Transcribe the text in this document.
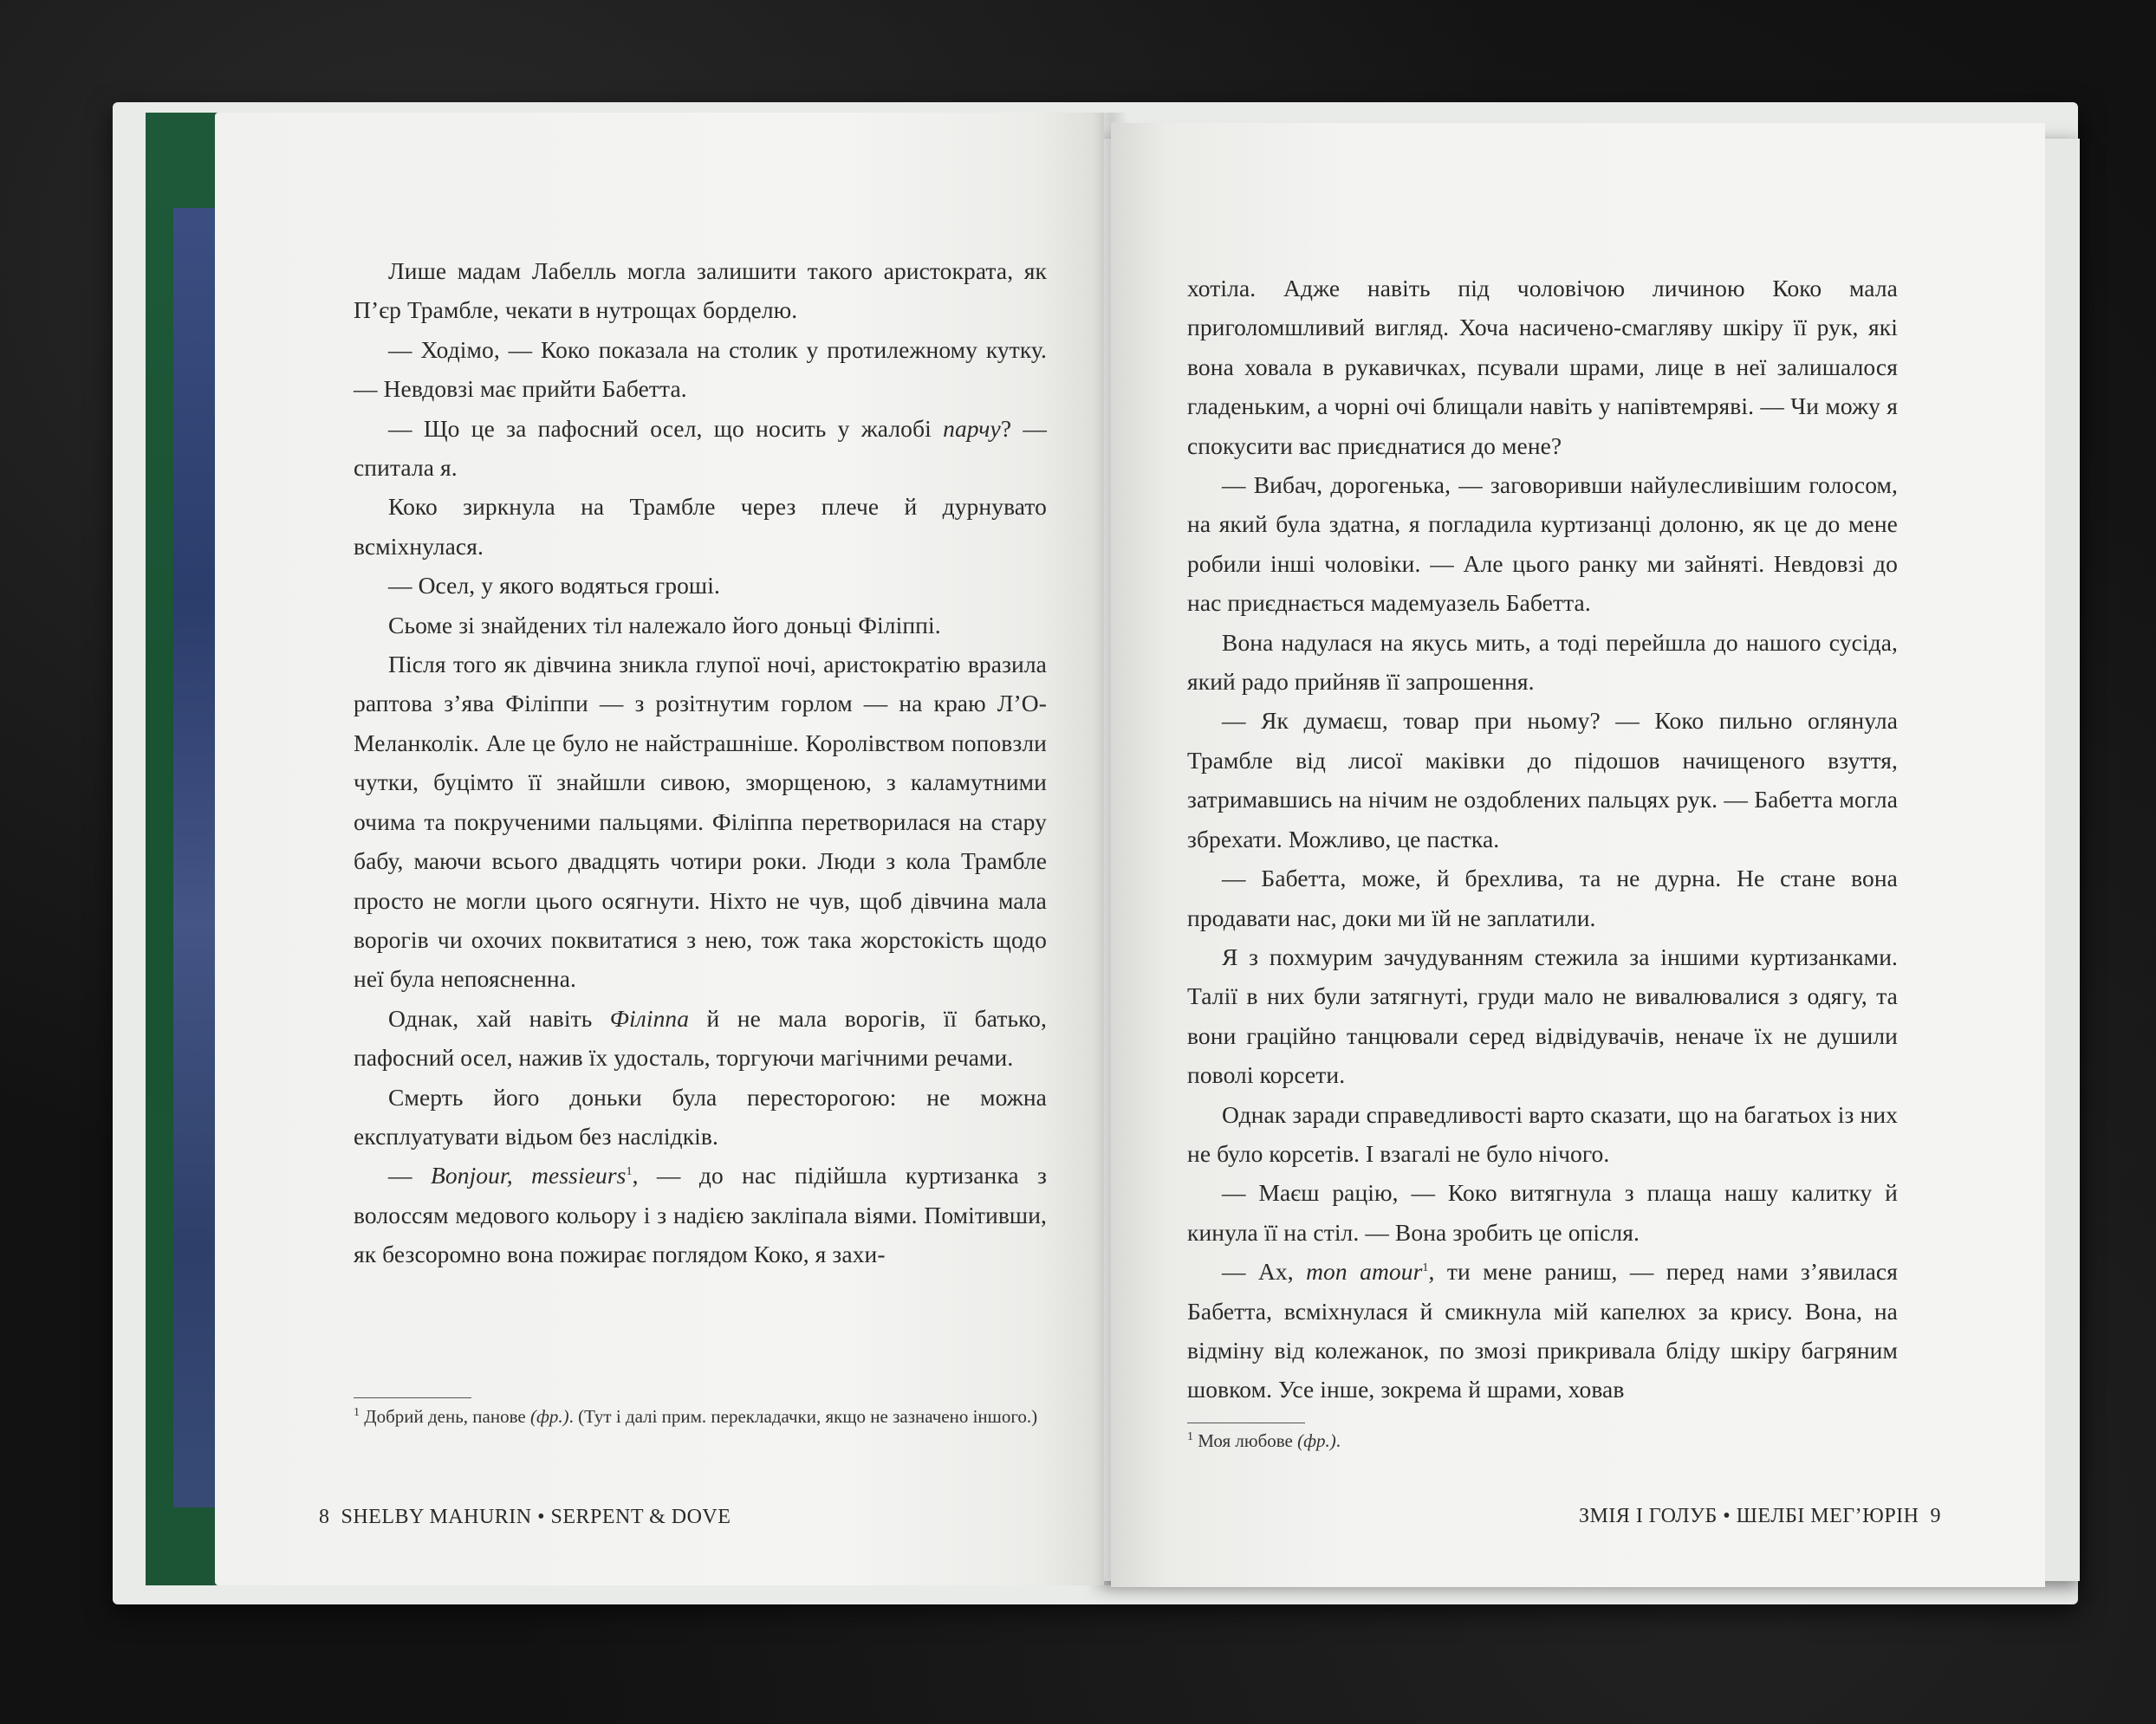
Лише мадам Лабелль могла залишити такого аристократа, як П’єр Трамбле, чекати в нутрощах борделю.

— Ходімо, — Коко показала на столик у протилежному кутку. — Невдовзі має прийти Бабетта.

— Що це за пафосний осел, що носить у жалобі парчу? — спитала я.

Коко зиркнула на Трамбле через плече й дурнувато всміхнулася.

— Осел, у якого водяться гроші.

Сьоме зі знайдених тіл належало його доньці Філіппі.

Після того як дівчина зникла глупої ночі, аристократію вразила раптова з’ява Філіппи — з розітнутим горлом — на краю Л’О-Меланколік. Але це було не найстрашніше. Королівством поповзли чутки, буцімто її знайшли сивою, зморщеною, з каламутними очима та покрученими пальцями. Філіппа перетворилася на стару бабу, маючи всього двадцять чотири роки. Люди з кола Трамбле просто не могли цього осягнути. Ніхто не чув, щоб дівчина мала ворогів чи охочих поквитатися з нею, тож така жорстокість щодо неї була непоясненна.

Однак, хай навіть Філіппа й не мала ворогів, її батько, пафосний осел, нажив їх удосталь, торгуючи магічними речами.

Смерть його доньки була пересторогою: не можна експлуатувати відьом без наслідків.

— Bonjour, messieurs$^1$, — до нас підійшла куртизанка з волоссям медового кольору і з надією закліпала віями. Помітивши, як безсоромно вона пожирає поглядом Коко, я захи-

$^1$ Добрий день, панове (фр.). (Тут і далі прим. перекладачки, якщо не зазначено іншого.)
8  SHELBY MAHURIN • SERPENT & DOVE

хотіла. Адже навіть під чоловічою личиною Коко мала приголомшливий вигляд. Хоча насичено-смаглявy шкіру її рук, які вона ховала в рукавичках, псували шрами, лице в неї залишалося гладеньким, а чорні очі блищали навіть у напівтемряві. — Чи можу я спокусити вас приєднатися до мене?

— Вибач, дорогенька, — заговоривши найулесливішим голосом, на який була здатна, я погладила куртизанці долоню, як це до мене робили інші чоловіки. — Але цього ранку ми зайняті. Невдовзі до нас приєднається мадемуазель Бабетта.

Вона надулася на якусь мить, а тоді перейшла до нашого сусіда, який радо прийняв її запрошення.

— Як думаєш, товар при ньому? — Коко пильно оглянула Трамбле від лисої маківки до підошов начищеного взуття, затримавшись на нічим не оздоблених пальцях рук. — Бабетта могла збрехати. Можливо, це пастка.

— Бабетта, може, й брехлива, та не дурна. Не стане вона продавати нас, доки ми їй не заплатили.

Я з похмурим зачудуванням стежила за іншими куртизанками. Талії в них були затягнуті, груди мало не вивалювалися з одягу, та вони граційно танцювали серед відвідувачів, неначе їх не душили поволі корсети.

Однак заради справедливості варто сказати, що на багатьох із них не було корсетів. І взагалі не було нічого.

— Маєш рацію, — Коко витягнула з плаща нашу калитку й кинула її на стіл. — Вона зробить це опісля.

— Ах, mon amour$^1$, ти мене раниш, — перед нами з’явилася Бабетта, всміхнулася й смикнула мій капелюх за крису. Вона, на відміну від колежанок, по змозі прикривала бліду шкіру багряним шовком. Усе інше, зокрема й шрами, ховав

$^1$ Моя любове (фр.).
ЗМІЯ І ГОЛУБ • ШЕЛБІ МЕГ’ЮРІН  9
